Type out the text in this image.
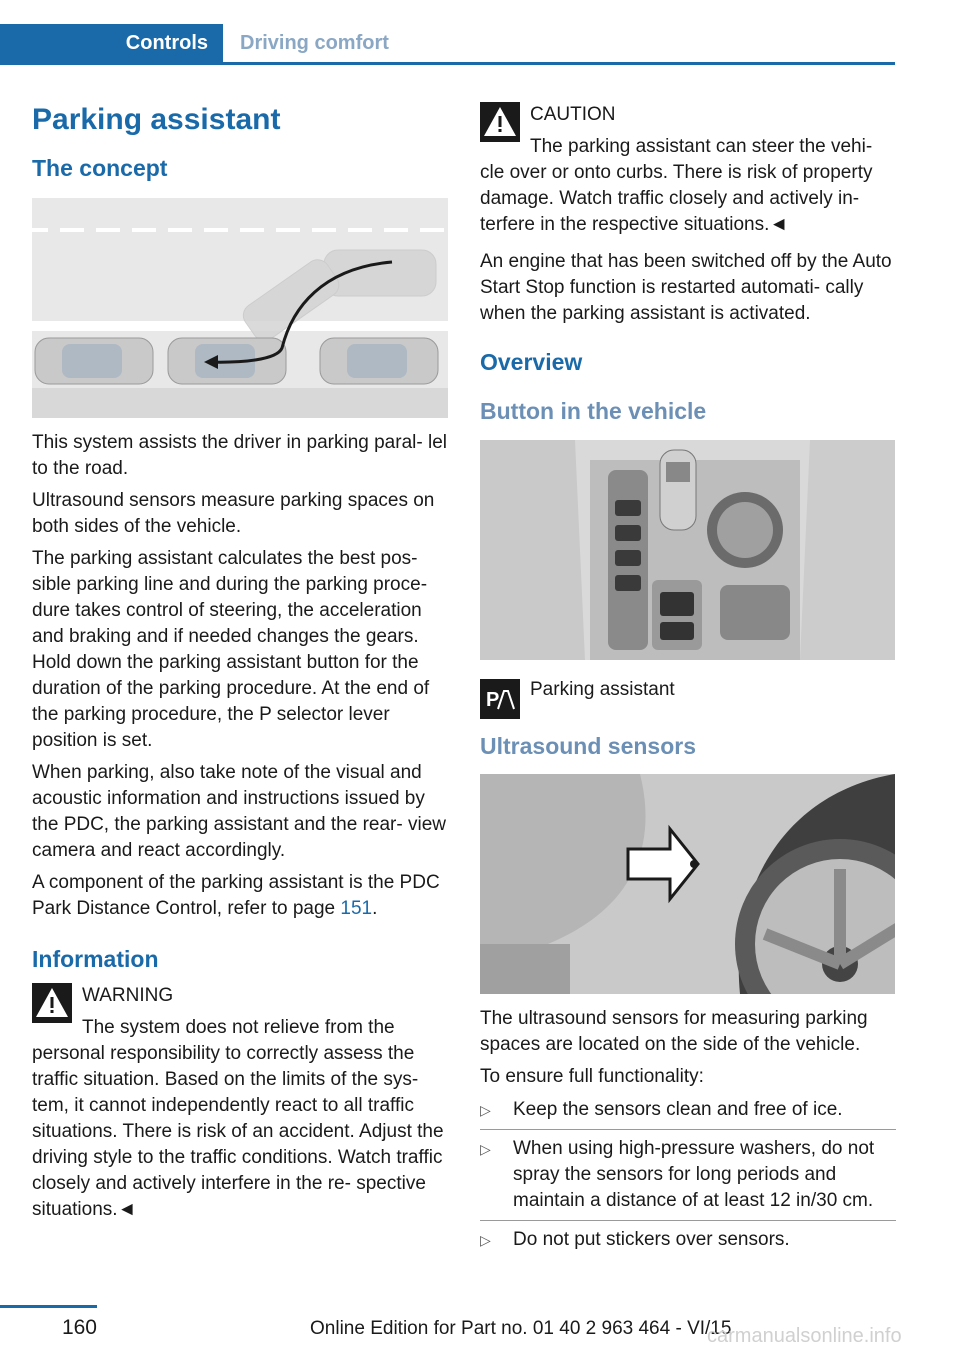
Controls	Driving comfort
Parking assistant
The concept

This system assists the driver in parking paral‐ lel to the road.

Ultrasound sensors measure parking spaces on both sides of the vehicle.

The parking assistant calculates the best pos‐ sible parking line and during the parking proce‐ dure takes control of steering, the acceleration and braking and if needed changes the gears. Hold down the parking assistant button for the duration of the parking procedure. At the end of the parking procedure, the P selector lever position is set.

When parking, also take note of the visual and acoustic information and instructions issued by the PDC, the parking assistant and the rear‐ view camera and react accordingly.

A component of the parking assistant is the PDC Park Distance Control, refer to page 151.

Information
WARNING

The system does not relieve from the personal responsibility to correctly assess the traffic situation. Based on the limits of the sys‐ tem, it cannot independently react to all traffic situations. There is risk of an accident. Adjust the driving style to the traffic conditions. Watch traffic closely and actively interfere in the re‐ spective situations.◄

CAUTION

The parking assistant can steer the vehi‐ cle over or onto curbs. There is risk of property damage. Watch traffic closely and actively in‐ terfere in the respective situations.◄

An engine that has been switched off by the Auto Start Stop function is restarted automati‐ cally when the parking assistant is activated.

Overview
Button in the vehicle
P Parking assistant

Ultrasound sensors

The ultrasound sensors for measuring parking spaces are located on the side of the vehicle.

To ensure full functionality:

▷	Keep the sensors clean and free of ice.
▷	When using high-pressure washers, do not spray the sensors for long periods and maintain a distance of at least 12 in/30 cm.
▷	Do not put stickers over sensors.
160	Online Edition for Part no. 01 40 2 963 464 - VI/15
carmanualsonline.info
